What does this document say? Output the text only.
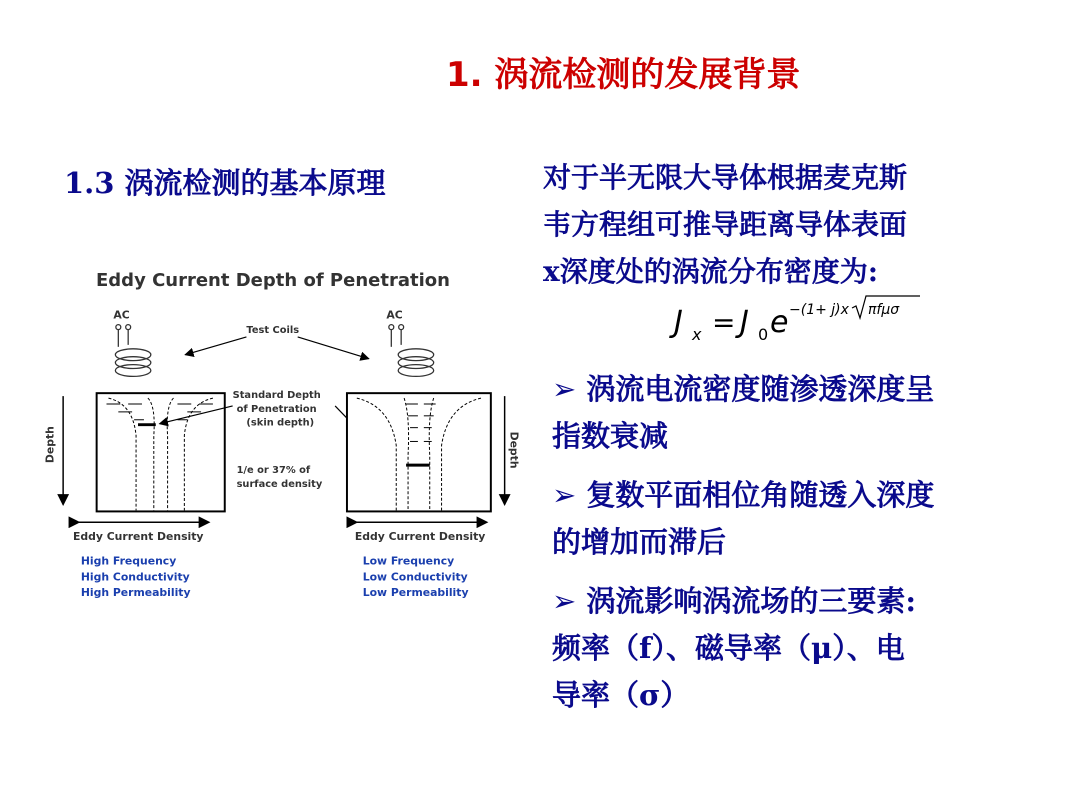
1. 涡流检测的发展背景
1.3 涡流检测的基本原理	对于半无限大导体根据麦克斯
韦方程组可推导距离导体表面
x深度处的涡流分布密度为:
J x = J 0 e −(1+ j)x πfμσ
➢ 涡流电流密度随渗透深度呈
指数衰减
➢ 复数平面相位角随透入深度
的增加而滞后
➢ 涡流影响涡流场的三要素:
频率（f）、磁导率（μ）、电
导率（σ）
Eddy Current Depth of Penetration
AC
Depth
Eddy Current Density
High Frequency
High Conductivity
High Permeability
Test Coils
Standard Depth
of Penetration
(skin depth)
1/e or 37% of
surface density
AC
Depth
Eddy Current Density
Low Frequency
Low Conductivity
Low Permeability
